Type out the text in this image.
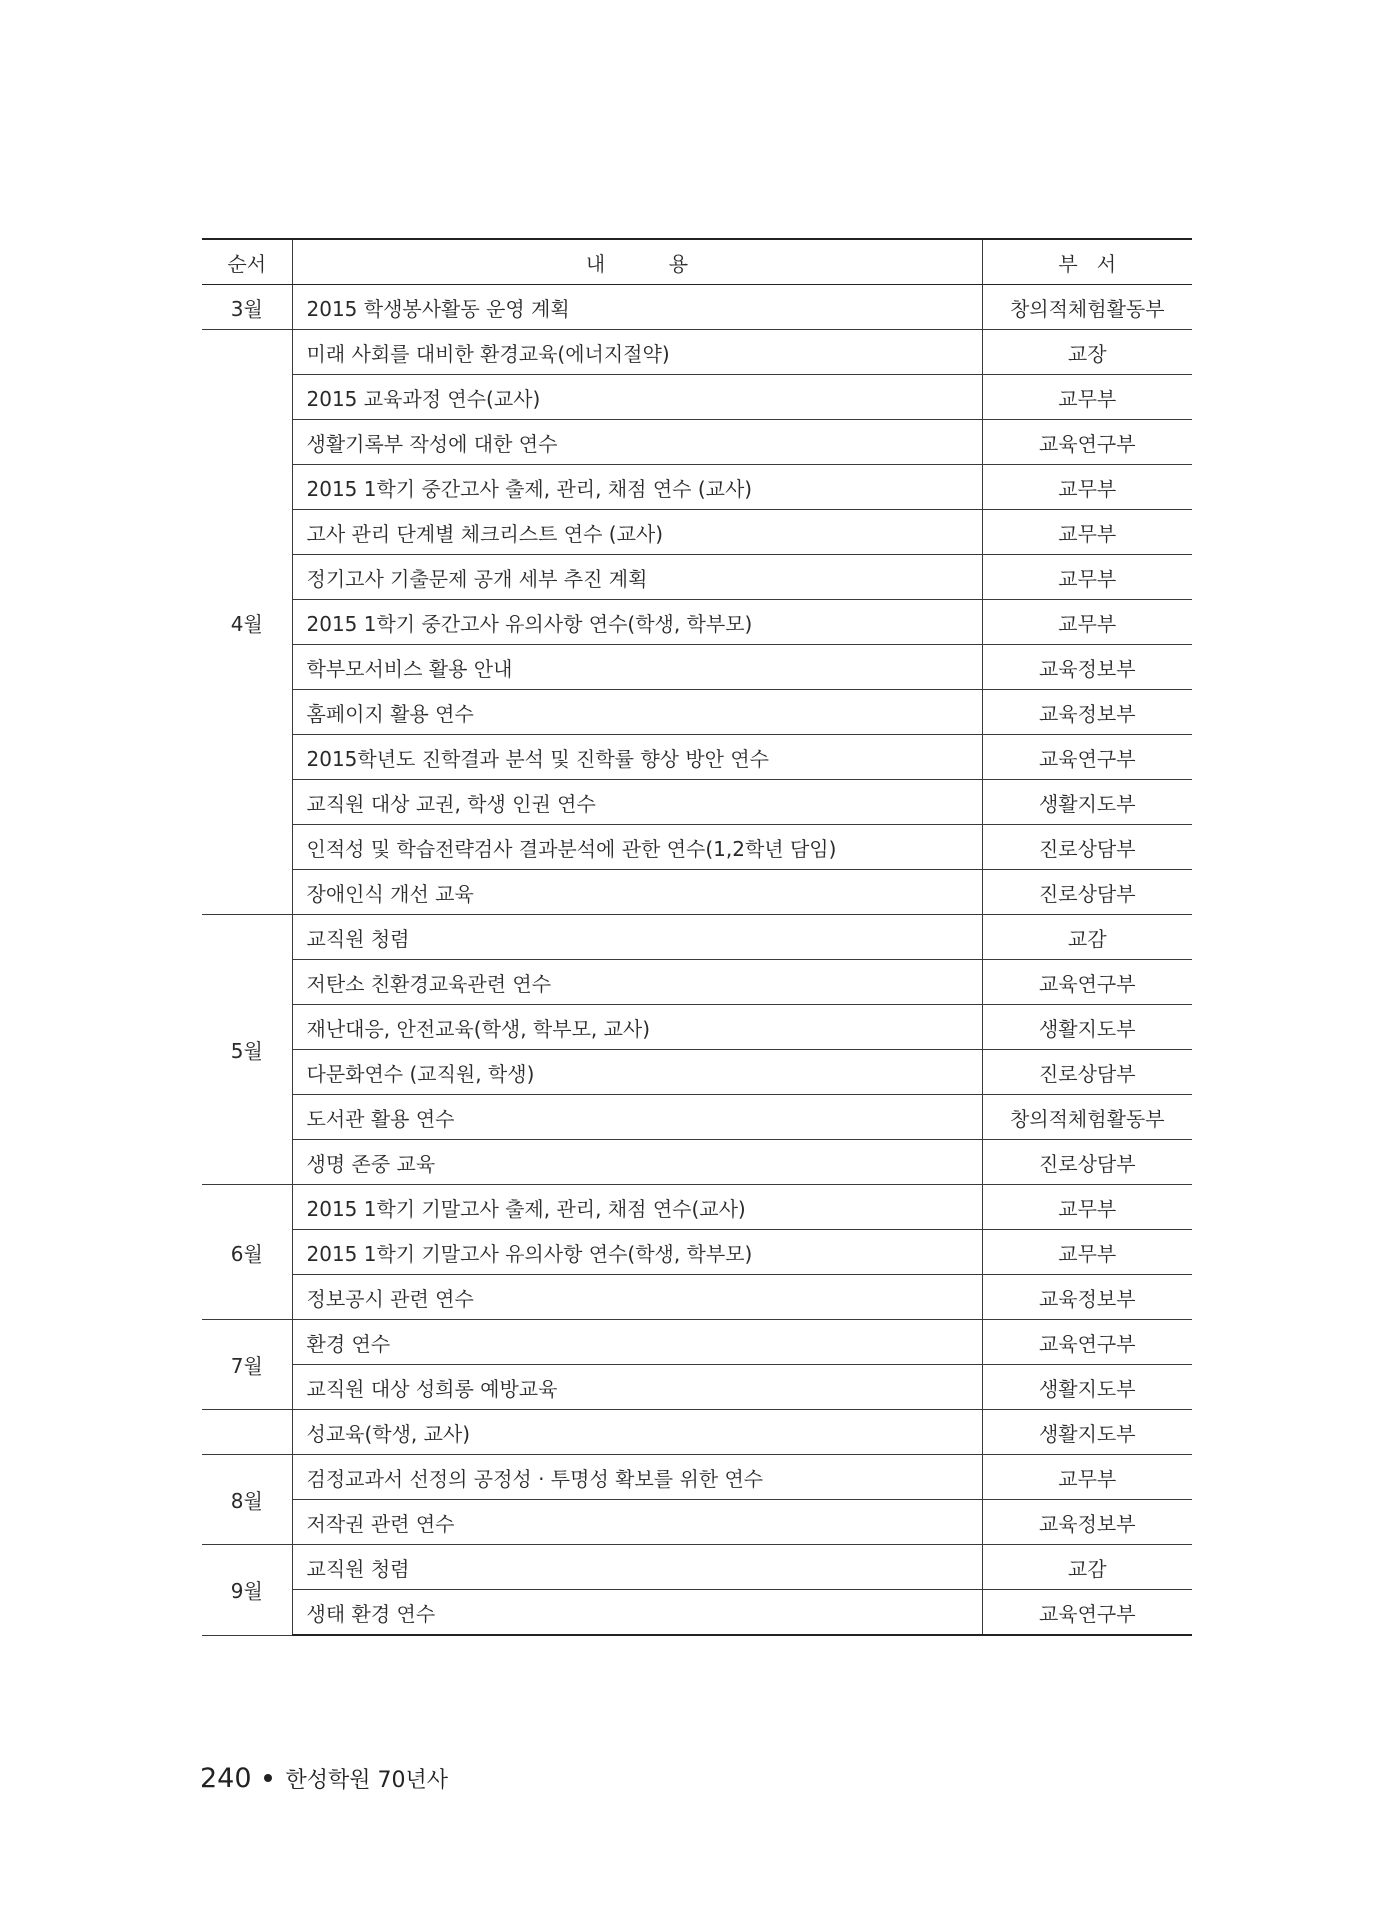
순서	내          용	부   서
3월	2015 학생봉사활동 운영 계획	창의적체험활동부
4월	미래 사회를 대비한 환경교육(에너지절약)	교장
	2015 교육과정 연수(교사)	교무부
	생활기록부 작성에 대한 연수	교육연구부
	2015 1학기 중간고사 출제, 관리, 채점 연수 (교사)	교무부
	고사 관리 단계별 체크리스트 연수 (교사)	교무부
	정기고사 기출문제 공개 세부 추진 계획	교무부
	2015 1학기 중간고사 유의사항 연수(학생, 학부모)	교무부
	학부모서비스 활용 안내	교육정보부
	홈페이지 활용 연수	교육정보부
	2015학년도 진학결과 분석 및 진학률 향상 방안 연수	교육연구부
	교직원 대상 교권, 학생 인권 연수	생활지도부
	인적성 및 학습전략검사 결과분석에 관한 연수(1,2학년 담임)	진로상담부
	장애인식 개선 교육	진로상담부
5월	교직원 청렴	교감
	저탄소 친환경교육관련 연수	교육연구부
	재난대응, 안전교육(학생, 학부모, 교사)	생활지도부
	다문화연수 (교직원, 학생)	진로상담부
	도서관 활용 연수	창의적체험활동부
	생명 존중 교육	진로상담부
6월	2015 1학기 기말고사 출제, 관리, 채점 연수(교사)	교무부
	2015 1학기 기말고사 유의사항 연수(학생, 학부모)	교무부
	정보공시 관련 연수	교육정보부
7월	환경 연수	교육연구부
	교직원 대상 성희롱 예방교육	생활지도부
	성교육(학생, 교사)	생활지도부
8월	검정교과서 선정의 공정성 · 투명성 확보를 위한 연수	교무부
	저작권 관련 연수	교육정보부
9월	교직원 청렴	교감
	생태 환경 연수	교육연구부
240 한성학원 70년사
